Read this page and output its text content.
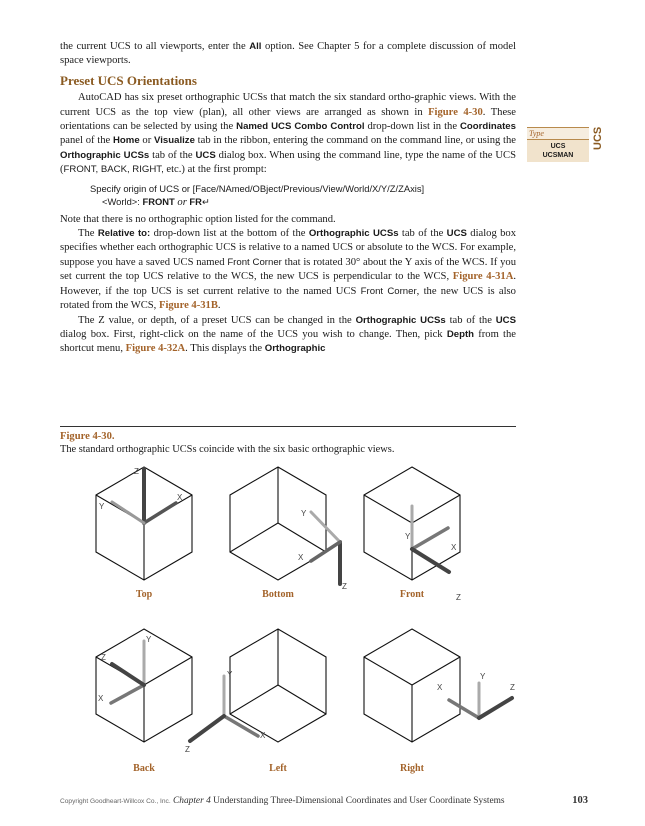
the current UCS to all viewports, enter the All option. See Chapter 5 for a complete discussion of model space viewports.

Preset UCS Orientations

AutoCAD has six preset orthographic UCSs that match the six standard ortho-graphic views. With the current UCS as the top view (plan), all other views are arranged as shown in Figure 4-30. These orientations can be selected by using the Named UCS Combo Control drop-down list in the Coordinates panel of the Home or Visualize tab in the ribbon, entering the command on the command line, or using the Orthographic UCSs tab of the UCS dialog box. When using the command line, type the name of the UCS (FRONT, BACK, RIGHT, etc.) at the first prompt:

Specify origin of UCS or [Face/NAmed/OBject/Previous/View/World/X/Y/Z/ZAxis]
<World>: FRONT or FR↵

Note that there is no orthographic option listed for the command.

The Relative to: drop-down list at the bottom of the Orthographic UCSs tab of the UCS dialog box specifies whether each orthographic UCS is relative to a named UCS or absolute to the WCS. For example, suppose you have a saved UCS named Front Corner that is rotated 30° about the Y axis of the WCS. If you set current the top UCS relative to the WCS, the new UCS is perpendicular to the WCS, Figure 4-31A. However, if the top UCS is set current relative to the named UCS Front Corner, the new UCS is also rotated from the WCS, Figure 4-31B.

The Z value, or depth, of a preset UCS can be changed in the Orthographic UCSs tab of the UCS dialog box. First, right-click on the name of the UCS you wish to change. Then, pick Depth from the shortcut menu, Figure 4-32A. This displays the Orthographic

Type
UCS
UCSMAN
UCS
Figure 4-30.
The standard orthographic UCSs coincide with the six basic orthographic views.
Z
X
Y
Y
X
Z
Y
X
Z
Y
Z
X
Y
X
Z
Y
X	Z
Top	Bottom	Front
Back	Left	Right
Copyright Goodheart-Willcox Co., Inc. Chapter 4 Understanding Three-Dimensional Coordinates and User Coordinate Systems	103
